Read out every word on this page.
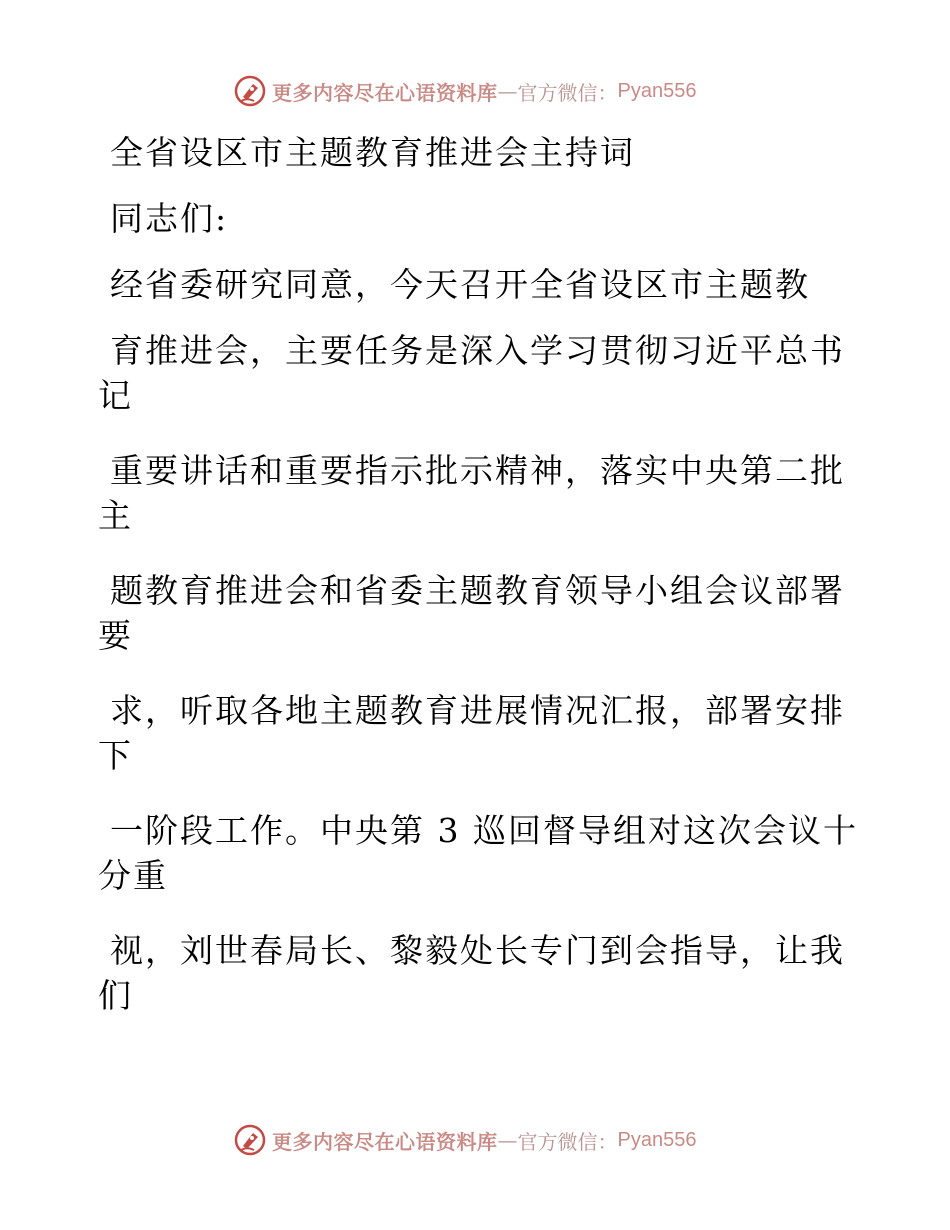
更多内容尽在心语资料库 — 官方微信： Pyan556
全省设区市主题教育推进会主持词
同志们:
经省委研究同意，今天召开全省设区市主题教
育推进会，主要任务是深入学习贯彻习近平总书
记
重要讲话和重要指示批示精神，落实中央第二批
主
题教育推进会和省委主题教育领导小组会议部署
要
求，听取各地主题教育进展情况汇报，部署安排
下
一阶段工作。中央第 3 巡回督导组对这次会议十
分重
视，刘世春局长、黎毅处长专门到会指导，让我
们
更多内容尽在心语资料库 — 官方微信： Pyan556
